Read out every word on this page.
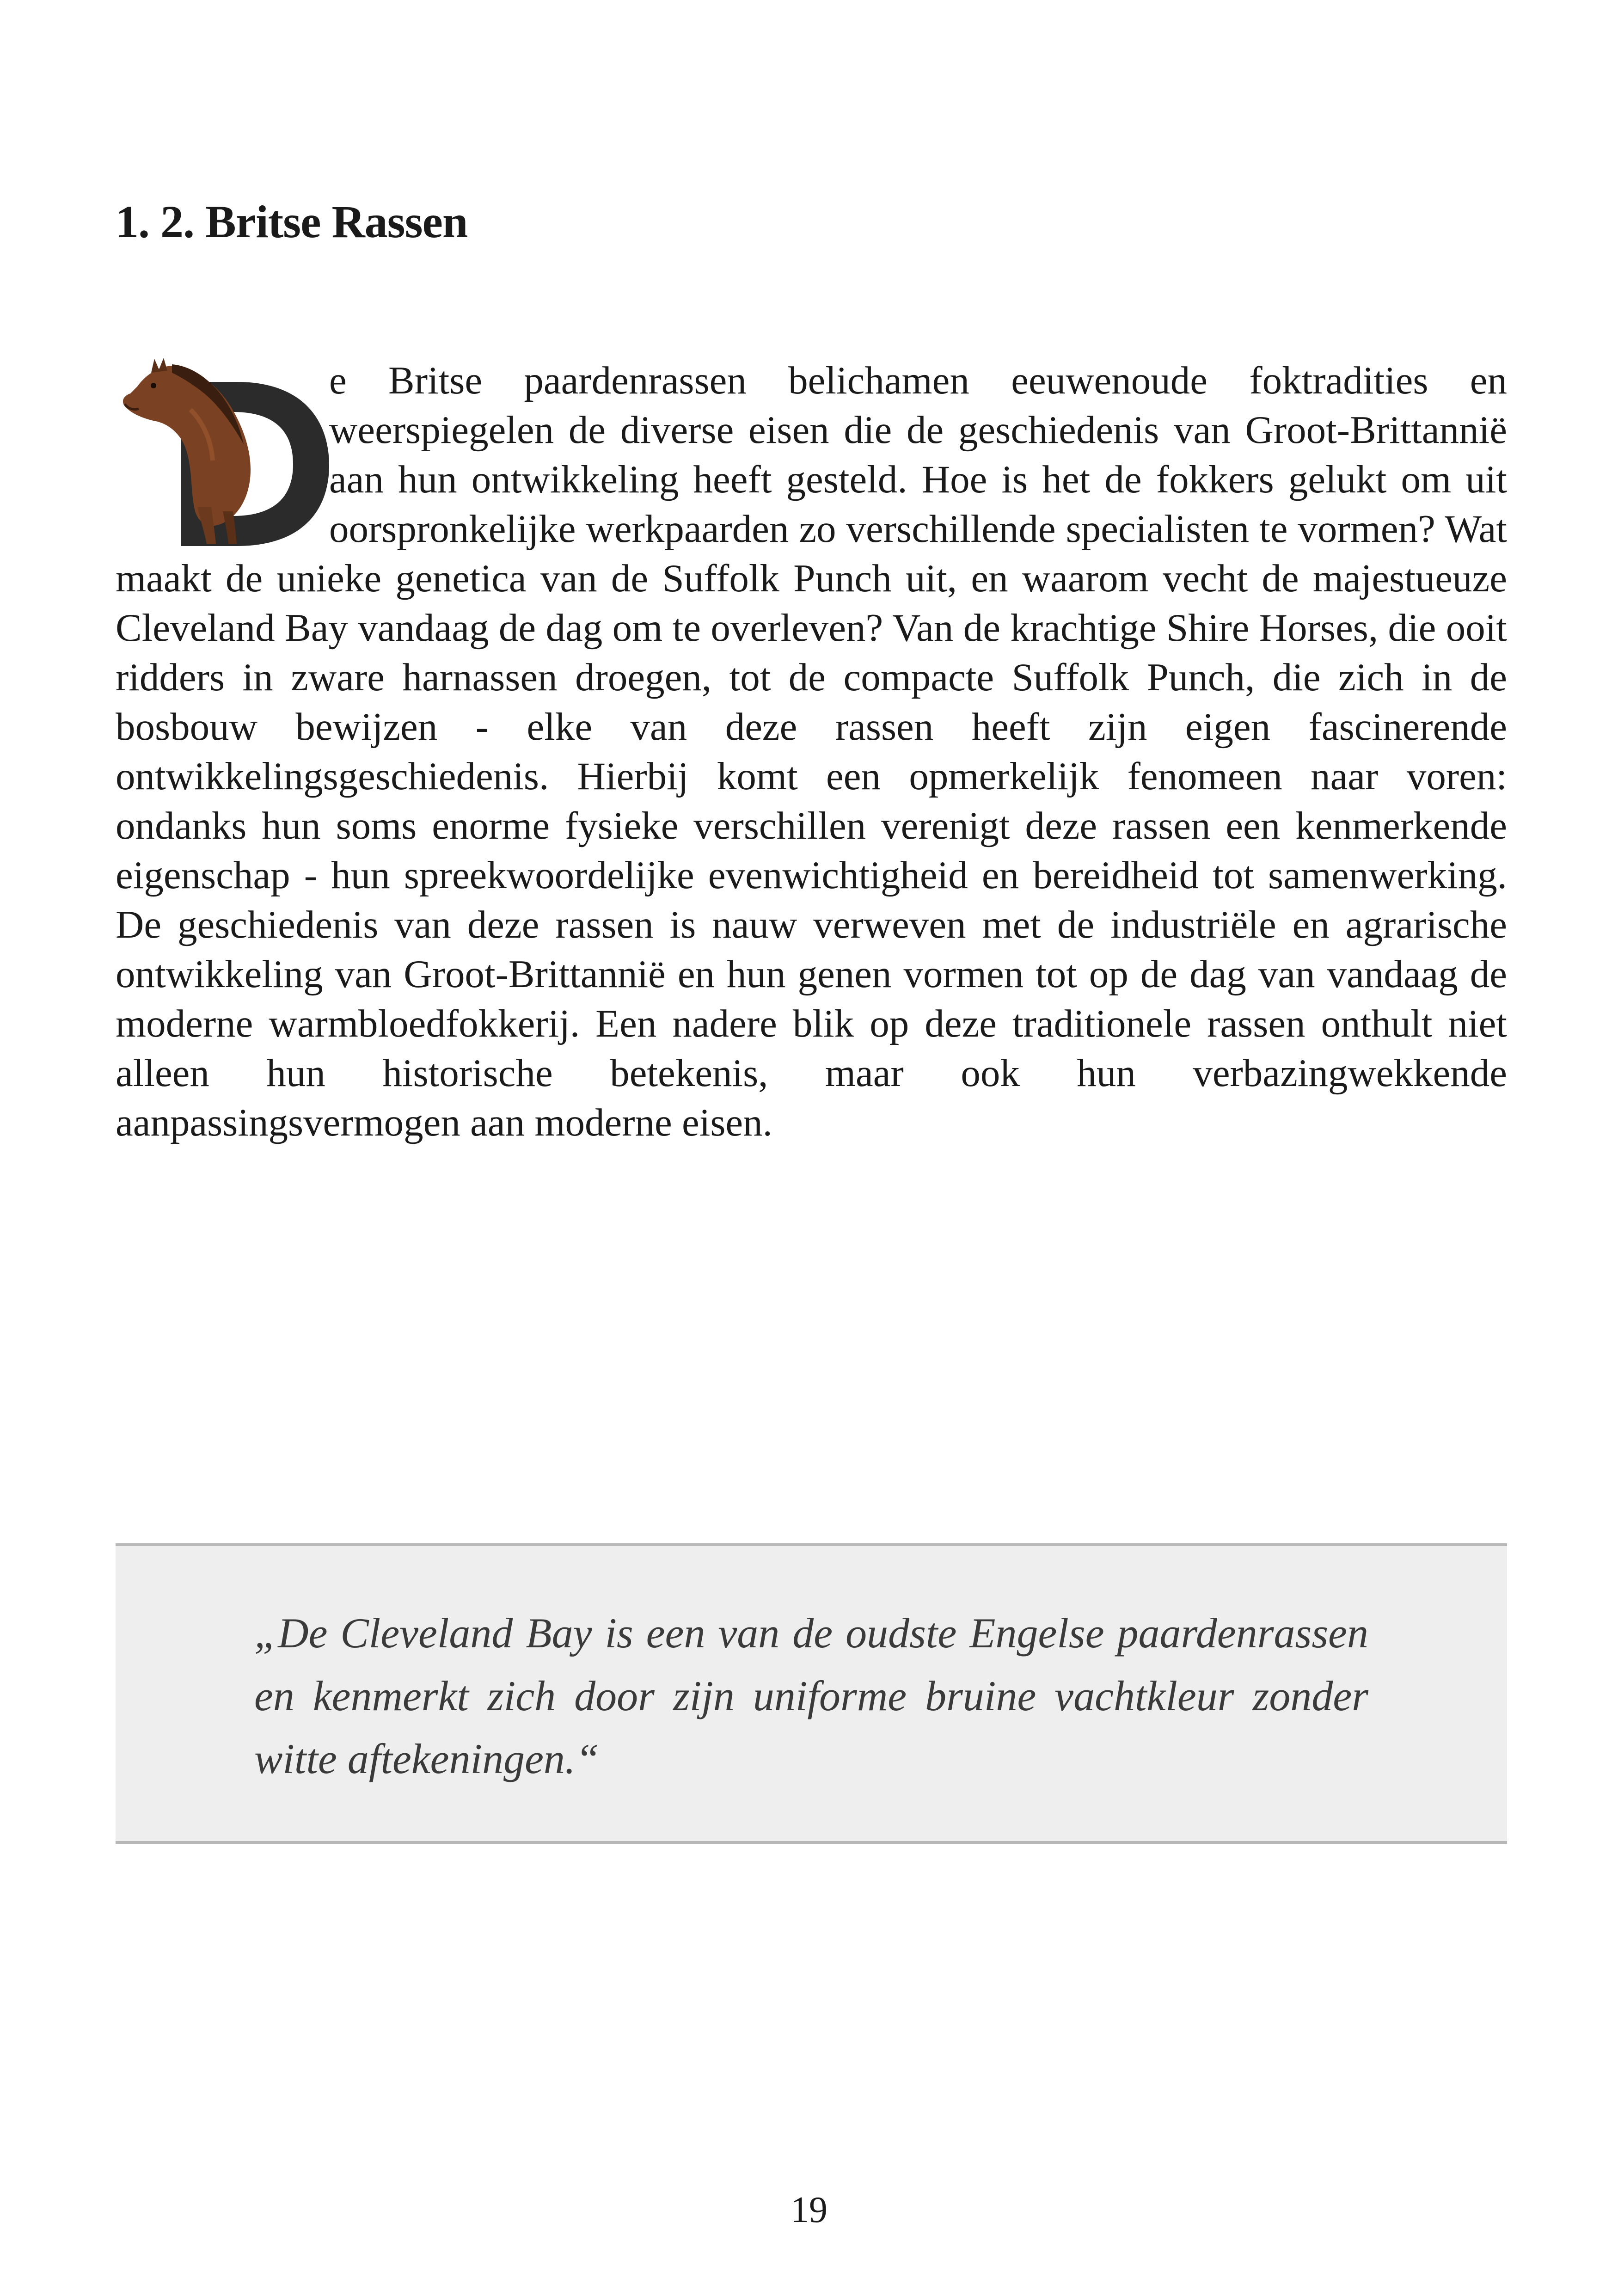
1. 2. Britse Rassen

e Britse paardenrassen belichamen eeuwenoude foktradities en weerspiegelen de diverse eisen die de geschiedenis van Groot-Brittannië aan hun ontwikkeling heeft gesteld. Hoe is het de fokkers gelukt om uit oorspronkelijke werkpaarden zo verschillende specialisten te vormen? Wat maakt de unieke genetica van de Suffolk Punch uit, en waarom vecht de majestueuze Cleveland Bay vandaag de dag om te overleven? Van de krachtige Shire Horses, die ooit ridders in zware harnassen droegen, tot de compacte Suffolk Punch, die zich in de bosbouw bewijzen - elke van deze rassen heeft zijn eigen fascinerende ontwikkelingsgeschiedenis. Hierbij komt een opmerkelijk fenomeen naar voren: ondanks hun soms enorme fysieke verschillen verenigt deze rassen een kenmerkende eigenschap - hun spreekwoordelijke evenwichtigheid en bereidheid tot samenwerking. De geschiedenis van deze rassen is nauw verweven met de industriële en agrarische ontwikkeling van Groot-Brittannië en hun genen vormen tot op de dag van vandaag de moderne warmbloedfokkerij. Een nadere blik op deze traditionele rassen onthult niet alleen hun historische betekenis, maar ook hun verbazingwekkende aanpassingsvermogen aan moderne eisen.

„De Cleveland Bay is een van de oudste Engelse paardenrassen en kenmerkt zich door zijn uniforme bruine vachtkleur zonder witte aftekeningen.“

19
